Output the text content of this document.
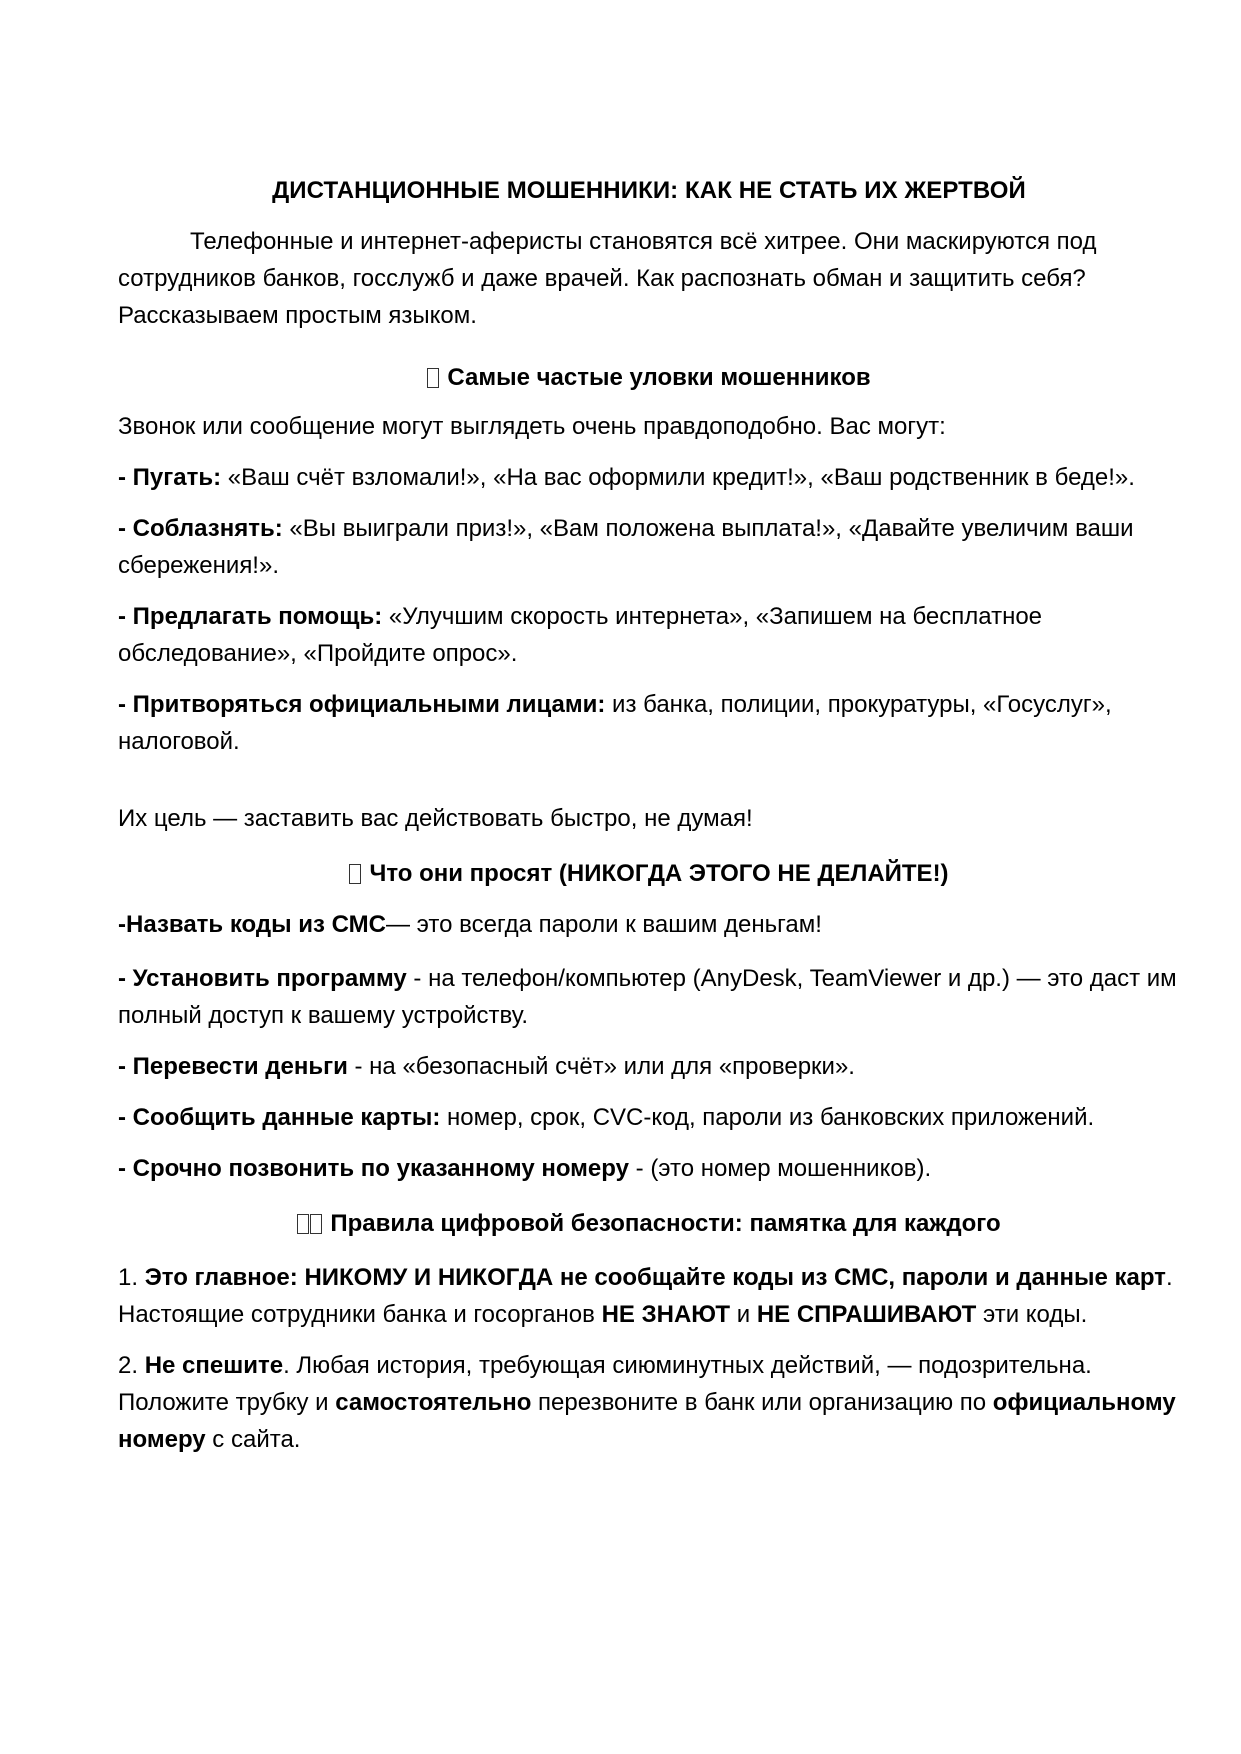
ДИСТАНЦИОННЫЕ МОШЕННИКИ: КАК НЕ СТАТЬ ИХ ЖЕРТВОЙ

Телефонные и интернет-аферисты становятся всё хитрее. Они маскируются под сотрудников банков, госслужб и даже врачей. Как распознать обман и защитить себя? Рассказываем простым языком.

Самые частые уловки мошенников

Звонок или сообщение могут выглядеть очень правдоподобно. Вас могут:

- Пугать: «Ваш счёт взломали!», «На вас оформили кредит!», «Ваш родственник в беде!».

- Соблазнять: «Вы выиграли приз!», «Вам положена выплата!», «Давайте увеличим ваши сбережения!».

- Предлагать помощь: «Улучшим скорость интернета», «Запишем на бесплатное обследование», «Пройдите опрос».

- Притворяться официальными лицами: из банка, полиции, прокуратуры, «Госуслуг», налоговой.

Их цель — заставить вас действовать быстро, не думая!

Что они просят (НИКОГДА ЭТОГО НЕ ДЕЛАЙТЕ!)

-Назвать коды из СМС— это всегда пароли к вашим деньгам!

- Установить программу - на телефон/компьютер (AnyDesk, TeamViewer и др.) — это даст им полный доступ к вашему устройству.

- Перевести деньги - на «безопасный счёт» или для «проверки».

- Сообщить данные карты: номер, срок, CVC-код, пароли из банковских приложений.

- Срочно позвонить по указанному номеру - (это номер мошенников).

Правила цифровой безопасности: памятка для каждого

1. Это главное: НИКОМУ И НИКОГДА не сообщайте коды из СМС, пароли и данные карт. Настоящие сотрудники банка и госорганов НЕ ЗНАЮТ и НЕ СПРАШИВАЮТ эти коды.

2. Не спешите. Любая история, требующая сиюминутных действий, — подозрительна. Положите трубку и самостоятельно перезвоните в банк или организацию по официальному номеру с сайта.
